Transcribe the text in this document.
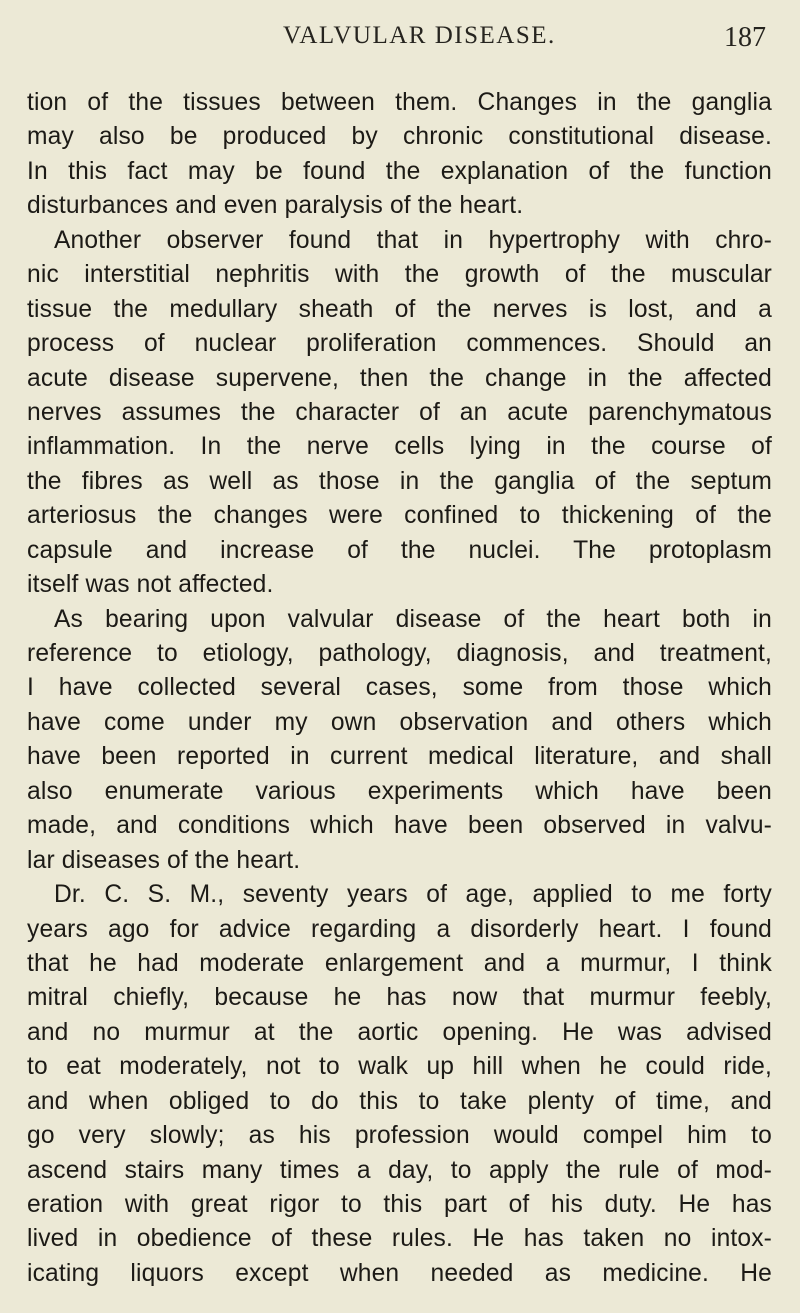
VALVULAR DISEASE.	187
tion of the tissues between them. Changes in the ganglia
may also be produced by chronic constitutional disease.
In this fact may be found the explanation of the function
disturbances and even paralysis of the heart.
Another observer found that in hypertrophy with chro-
nic interstitial nephritis with the growth of the muscular
tissue the medullary sheath of the nerves is lost, and a
process of nuclear proliferation commences. Should an
acute disease supervene, then the change in the affected
nerves assumes the character of an acute parenchymatous
inflammation. In the nerve cells lying in the course of
the fibres as well as those in the ganglia of the septum
arteriosus the changes were confined to thickening of the
capsule and increase of the nuclei. The protoplasm
itself was not affected.
As bearing upon valvular disease of the heart both in
reference to etiology, pathology, diagnosis, and treatment,
I have collected several cases, some from those which
have come under my own observation and others which
have been reported in current medical literature, and shall
also enumerate various experiments which have been
made, and conditions which have been observed in valvu-
lar diseases of the heart.
Dr. C. S. M., seventy years of age, applied to me forty
years ago for advice regarding a disorderly heart. I found
that he had moderate enlargement and a murmur, I think
mitral chiefly, because he has now that murmur feebly,
and no murmur at the aortic opening. He was advised
to eat moderately, not to walk up hill when he could ride,
and when obliged to do this to take plenty of time, and
go very slowly; as his profession would compel him to
ascend stairs many times a day, to apply the rule of mod-
eration with great rigor to this part of his duty. He has
lived in obedience of these rules. He has taken no intox-
icating liquors except when needed as medicine. He
